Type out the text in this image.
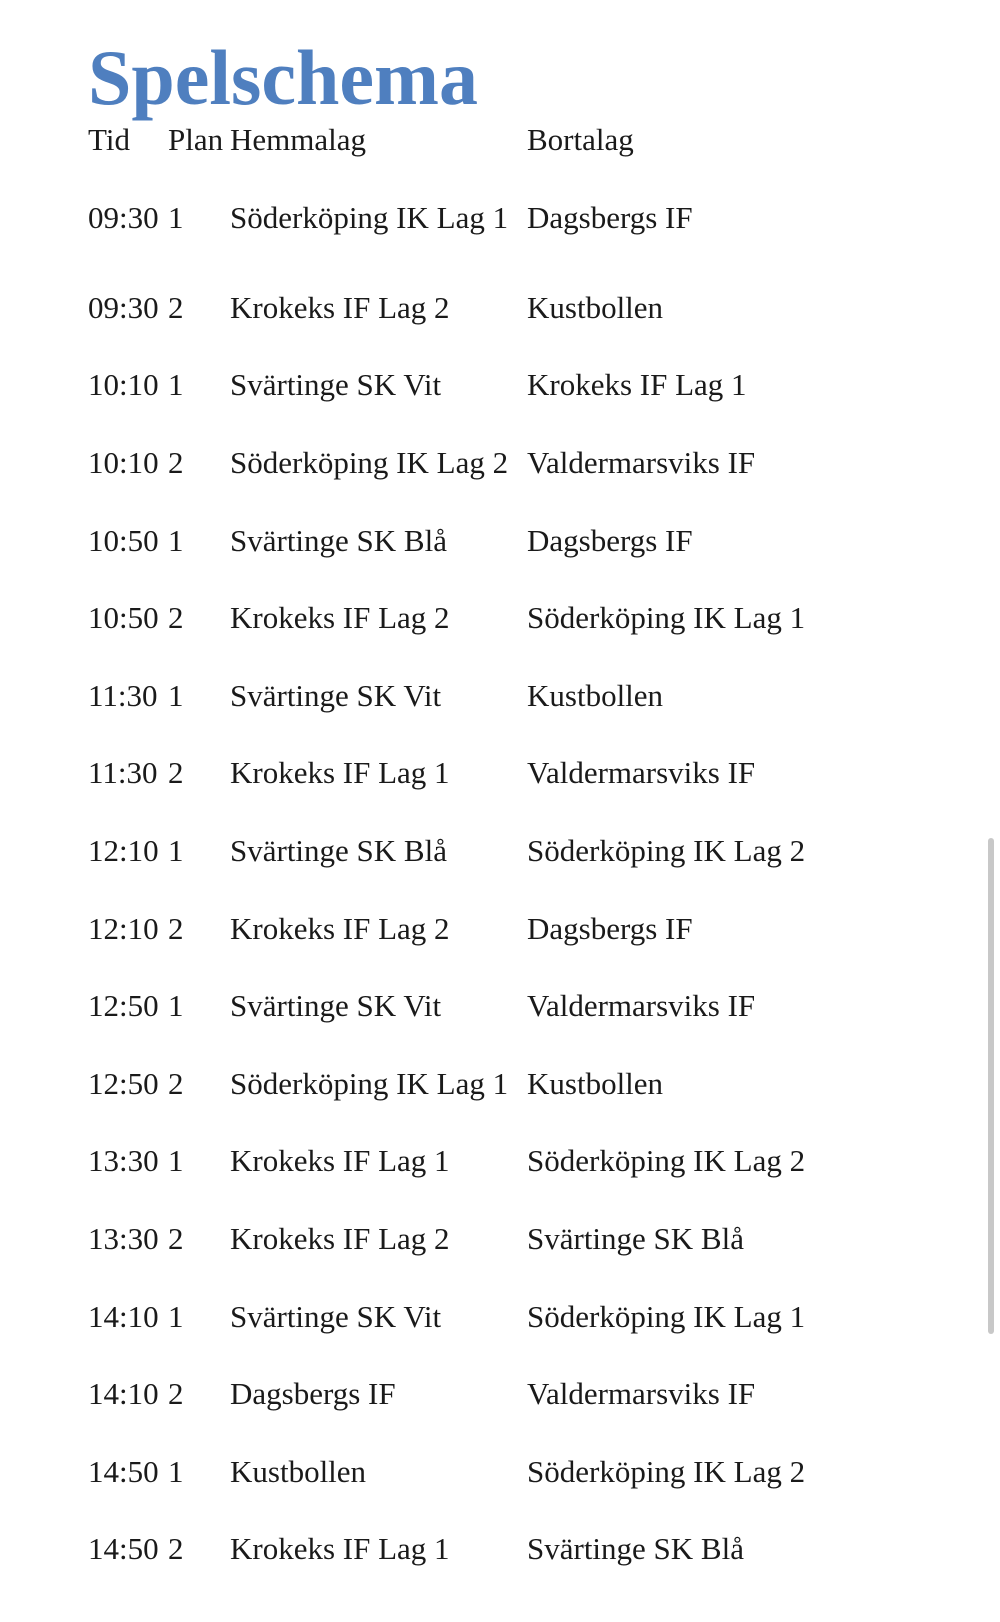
Spelschema
Tid	Plan	Hemmalag	Bortalag
09:30	1	Söderköping IK Lag 1	Dagsbergs IF
09:30	2	Krokeks IF Lag 2	Kustbollen
10:10	1	Svärtinge SK Vit	Krokeks IF Lag 1
10:10	2	Söderköping IK Lag 2	Valdermarsviks IF
10:50	1	Svärtinge SK Blå	Dagsbergs IF
10:50	2	Krokeks IF Lag 2	Söderköping IK Lag 1
11:30	1	Svärtinge SK Vit	Kustbollen
11:30	2	Krokeks IF Lag 1	Valdermarsviks IF
12:10	1	Svärtinge SK Blå	Söderköping IK Lag 2
12:10	2	Krokeks IF Lag 2	Dagsbergs IF
12:50	1	Svärtinge SK Vit	Valdermarsviks IF
12:50	2	Söderköping IK Lag 1	Kustbollen
13:30	1	Krokeks IF Lag 1	Söderköping IK Lag 2
13:30	2	Krokeks IF Lag 2	Svärtinge SK Blå
14:10	1	Svärtinge SK Vit	Söderköping IK Lag 1
14:10	2	Dagsbergs IF	Valdermarsviks IF
14:50	1	Kustbollen	Söderköping IK Lag 2
14:50	2	Krokeks IF Lag 1	Svärtinge SK Blå
